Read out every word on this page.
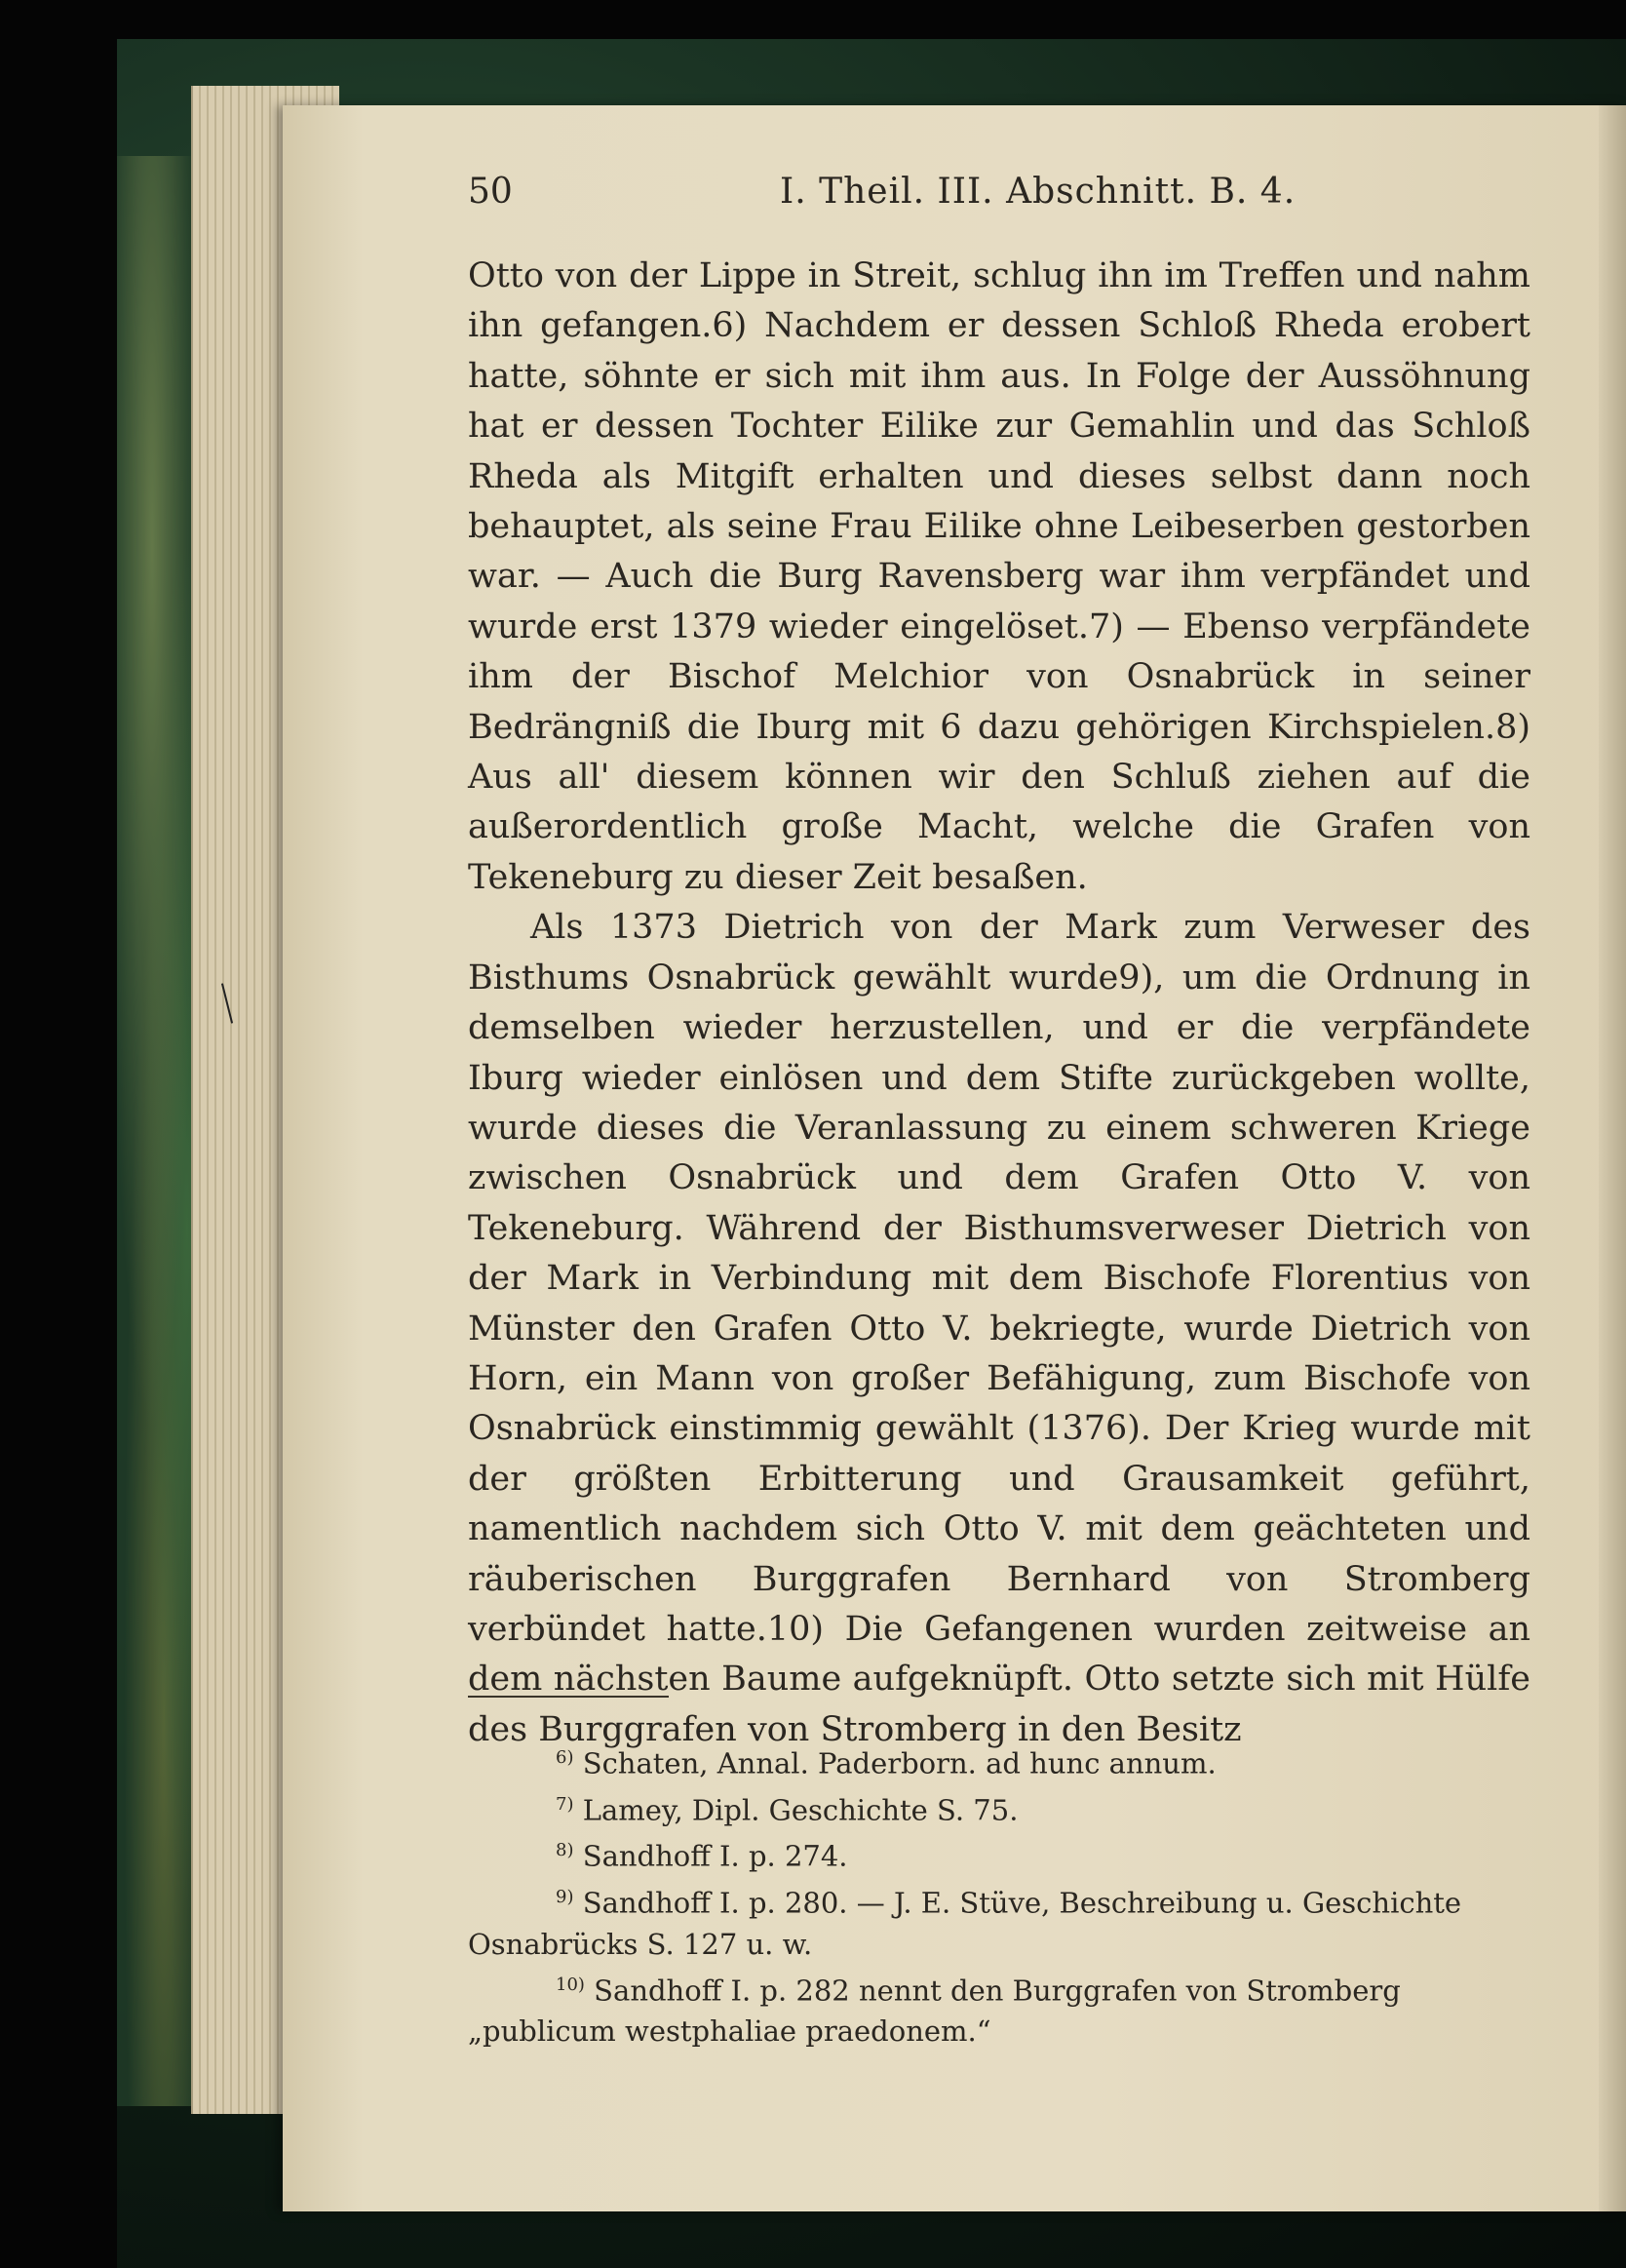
50	I. Theil. III. Abschnitt. B. 4.

Otto von der Lippe in Streit, schlug ihn im Treffen und nahm ihn gefangen.6) Nachdem er dessen Schloß Rheda erobert hatte, söhnte er sich mit ihm aus. In Folge der Aussöhnung hat er dessen Tochter Eilike zur Gemahlin und das Schloß Rheda als Mitgift erhalten und dieses selbst dann noch behauptet, als seine Frau Eilike ohne Leibeserben gestorben war. — Auch die Burg Ravensberg war ihm verpfändet und wurde erst 1379 wieder eingelöset.7) — Ebenso verpfändete ihm der Bischof Melchior von Osnabrück in seiner Bedrängniß die Iburg mit 6 dazu gehörigen Kirchspielen.8) Aus all' diesem können wir den Schluß ziehen auf die außerordentlich große Macht, welche die Grafen von Tekeneburg zu dieser Zeit besaßen.

Als 1373 Dietrich von der Mark zum Verweser des Bisthums Osnabrück gewählt wurde9), um die Ordnung in demselben wieder herzustellen, und er die verpfändete Iburg wieder einlösen und dem Stifte zurückgeben wollte, wurde dieses die Veranlassung zu einem schweren Kriege zwischen Osnabrück und dem Grafen Otto V. von Tekeneburg. Während der Bisthumsverweser Dietrich von der Mark in Verbindung mit dem Bischofe Florentius von Münster den Grafen Otto V. bekriegte, wurde Dietrich von Horn, ein Mann von großer Befähigung, zum Bischofe von Osnabrück einstimmig gewählt (1376). Der Krieg wurde mit der größten Erbitterung und Grausamkeit geführt, namentlich nachdem sich Otto V. mit dem geächteten und räuberischen Burggrafen Bernhard von Stromberg verbündet hatte.10) Die Gefangenen wurden zeitweise an dem nächsten Baume aufgeknüpft. Otto setzte sich mit Hülfe des Burggrafen von Stromberg in den Besitz

$^{6)}$ Schaten, Annal. Paderborn. ad hunc annum.

$^{7)}$ Lamey, Dipl. Geschichte S. 75.

$^{8)}$ Sandhoff I. p. 274.

$^{9)}$ Sandhoff I. p. 280. — J. E. Stüve, Beschreibung u. Geschichte Osnabrücks S. 127 u. w.

$^{10)}$ Sandhoff I. p. 282 nennt den Burggrafen von Stromberg „publicum westphaliae praedonem.“
